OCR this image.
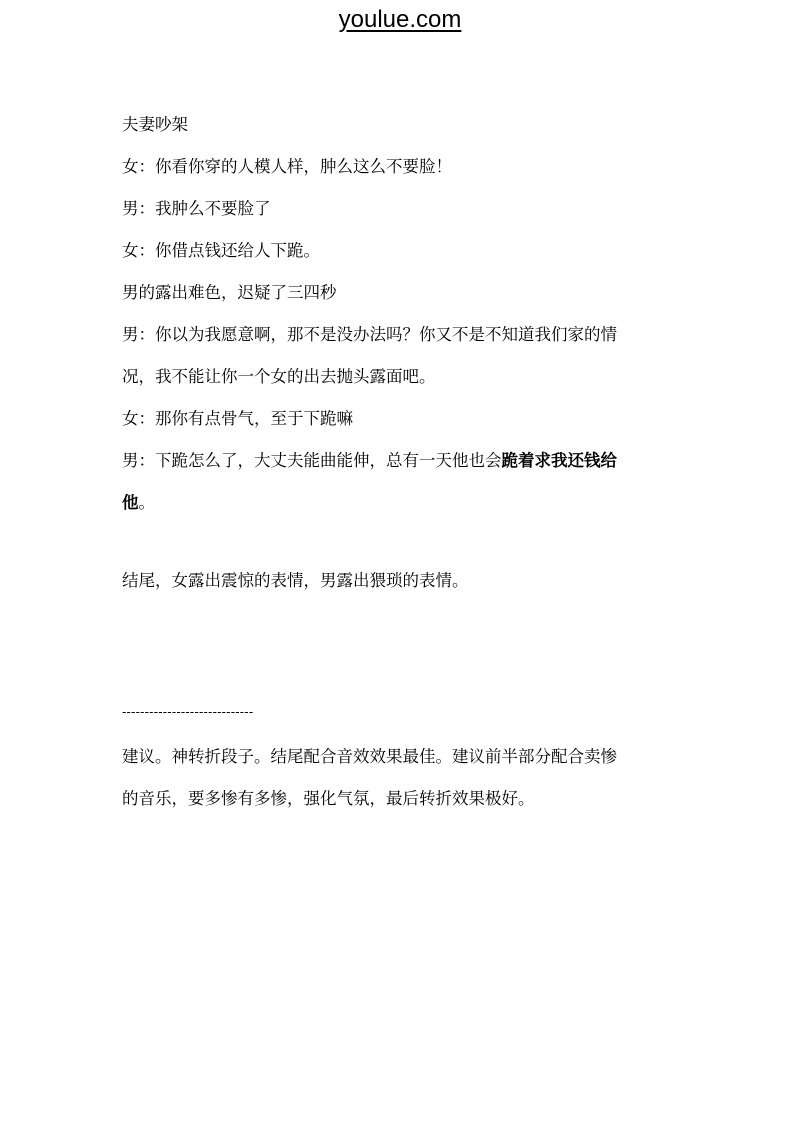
youlue.com

夫妻吵架

女：你看你穿的人模人样，肿么这么不要脸！

男：我肿么不要脸了

女：你借点钱还给人下跪。

男的露出难色，迟疑了三四秒

男：你以为我愿意啊，那不是没办法吗？你又不是不知道我们家的情

况，我不能让你一个女的出去抛头露面吧。

女：那你有点骨气，至于下跪嘛

男：下跪怎么了，大丈夫能曲能伸，总有一天他也会跪着求我还钱给

他。

结尾，女露出震惊的表情，男露出猥琐的表情。

-----------------------------

建议。神转折段子。结尾配合音效效果最佳。建议前半部分配合卖惨

的音乐，要多惨有多惨，强化气氛，最后转折效果极好。
